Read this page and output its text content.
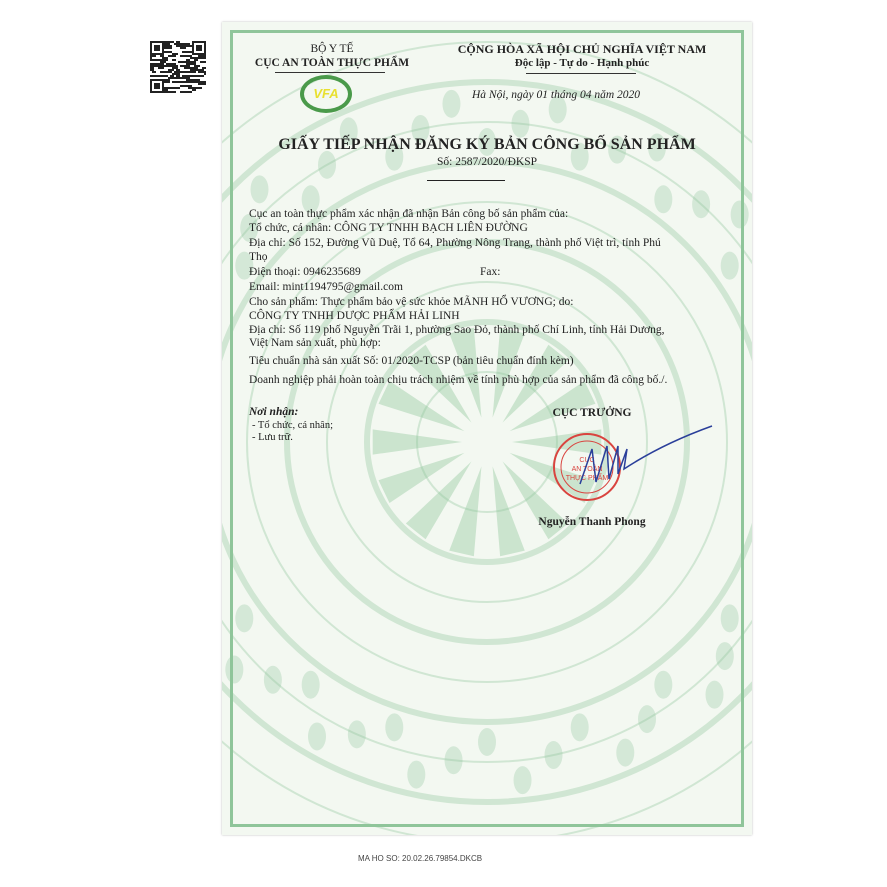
BỘ Y TẾ
CỤC AN TOÀN THỰC PHẨM
VFA
CỘNG HÒA XÃ HỘI CHỦ NGHĨA VIỆT NAM
Độc lập - Tự do - Hạnh phúc
Hà Nội, ngày 01 tháng 04 năm 2020
GIẤY TIẾP NHẬN ĐĂNG KÝ BẢN CÔNG BỐ SẢN PHẨM
Số: 2587/2020/ĐKSP
Cục an toàn thực phẩm xác nhận đã nhận Bản công bố sản phẩm của:
Tổ chức, cá nhân: CÔNG TY TNHH BẠCH LIÊN ĐƯỜNG
Địa chỉ: Số 152, Đường Vũ Duệ, Tổ 64, Phường Nông Trang, thành phố Việt trì, tỉnh Phú
Thọ
Điện thoại: 0946235689	Fax:
Email: mint1194795@gmail.com
Cho sản phẩm: Thực phẩm bảo vệ sức khỏe MÃNH HỔ VƯƠNG; do:
CÔNG TY TNHH DƯỢC PHẨM HẢI LINH
Địa chỉ: Số 119 phố Nguyễn Trãi 1, phường Sao Đỏ, thành phố Chí Linh, tỉnh Hải Dương,
Việt Nam sản xuất, phù hợp:
Tiêu chuẩn nhà sản xuất Số: 01/2020-TCSP (bản tiêu chuẩn đính kèm)
Doanh nghiệp phải hoàn toàn chịu trách nhiệm về tính phù hợp của sản phẩm đã công bố./.
Nơi nhận:
- Tổ chức, cá nhân;
- Lưu trữ.
CỤC TRƯỞNG
CỤC
AN TOÀN
THỰC PHẨM
Nguyễn Thanh Phong
MA HO SO: 20.02.26.79854.DKCB
